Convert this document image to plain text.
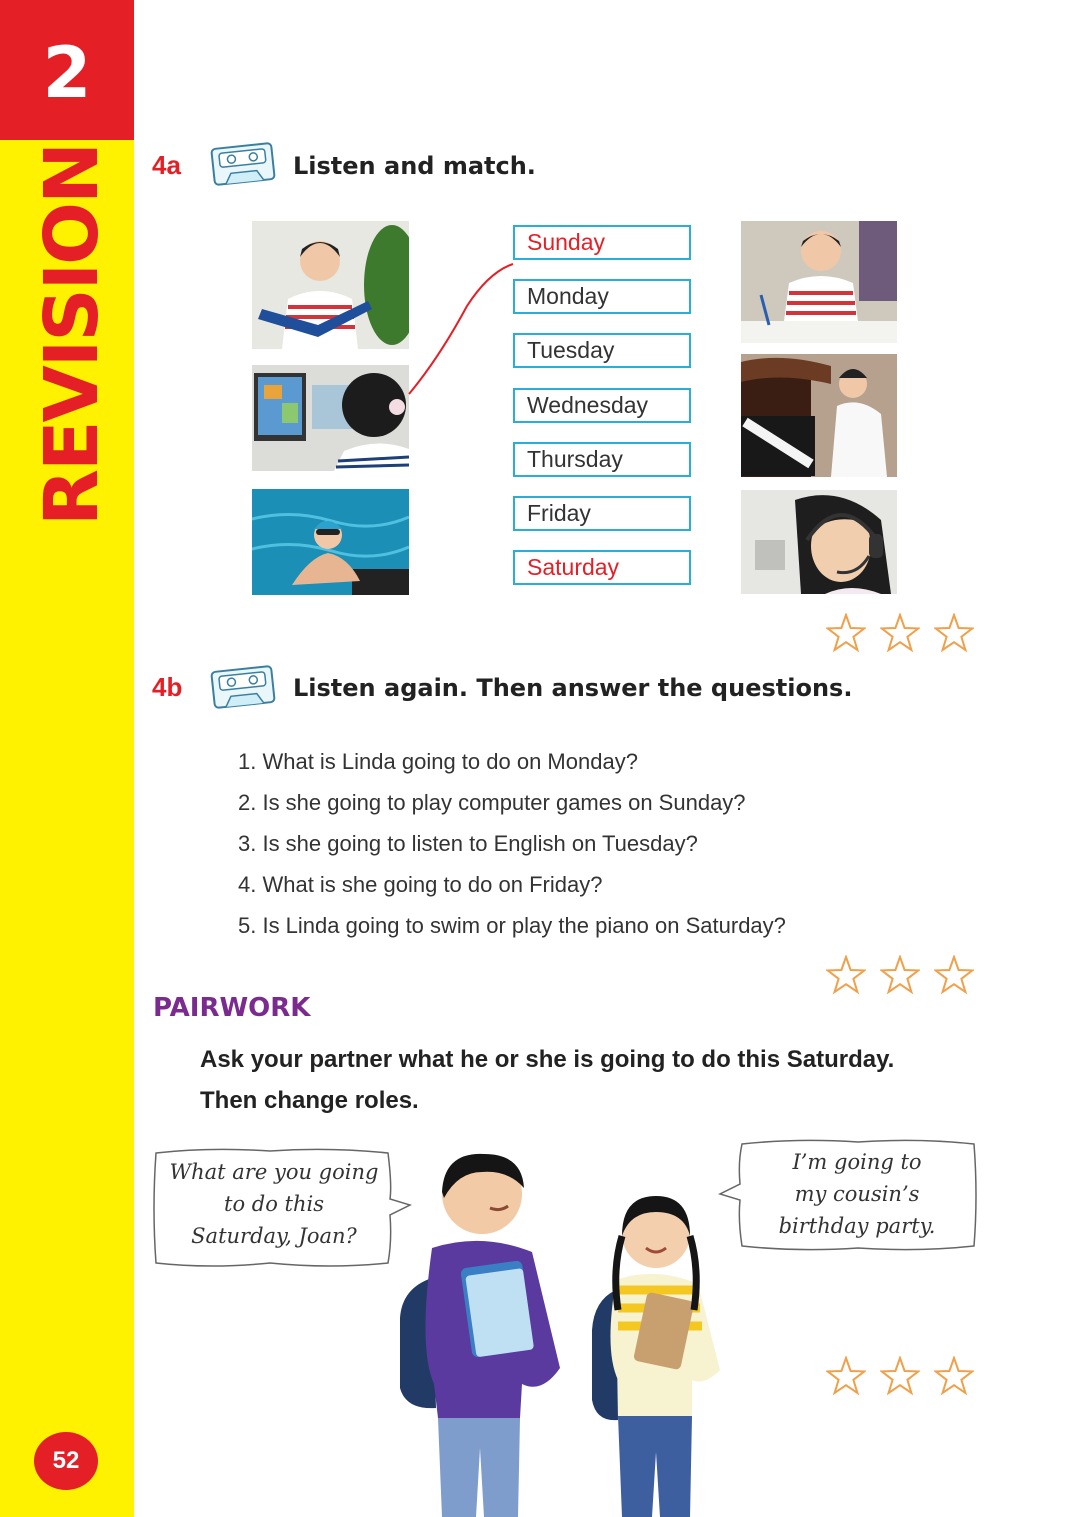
2
REVISION
52
4a	Listen and match.
Sunday
Monday
Tuesday
Wednesday
Thursday
Friday
Saturday
4b	Listen again. Then answer the questions.
1. What is Linda going to do on Monday?
2. Is she going to play computer games on Sunday?
3. Is she going to listen to English on Tuesday?
4. What is she going to do on Friday?
5. Is Linda going to swim or play the piano on Saturday?
PAIRWORK
Ask your partner what he or she is going to do this Saturday.
Then change roles.
What are you going
to do this
Saturday, Joan?
I’m going to
my cousin’s
birthday party.
